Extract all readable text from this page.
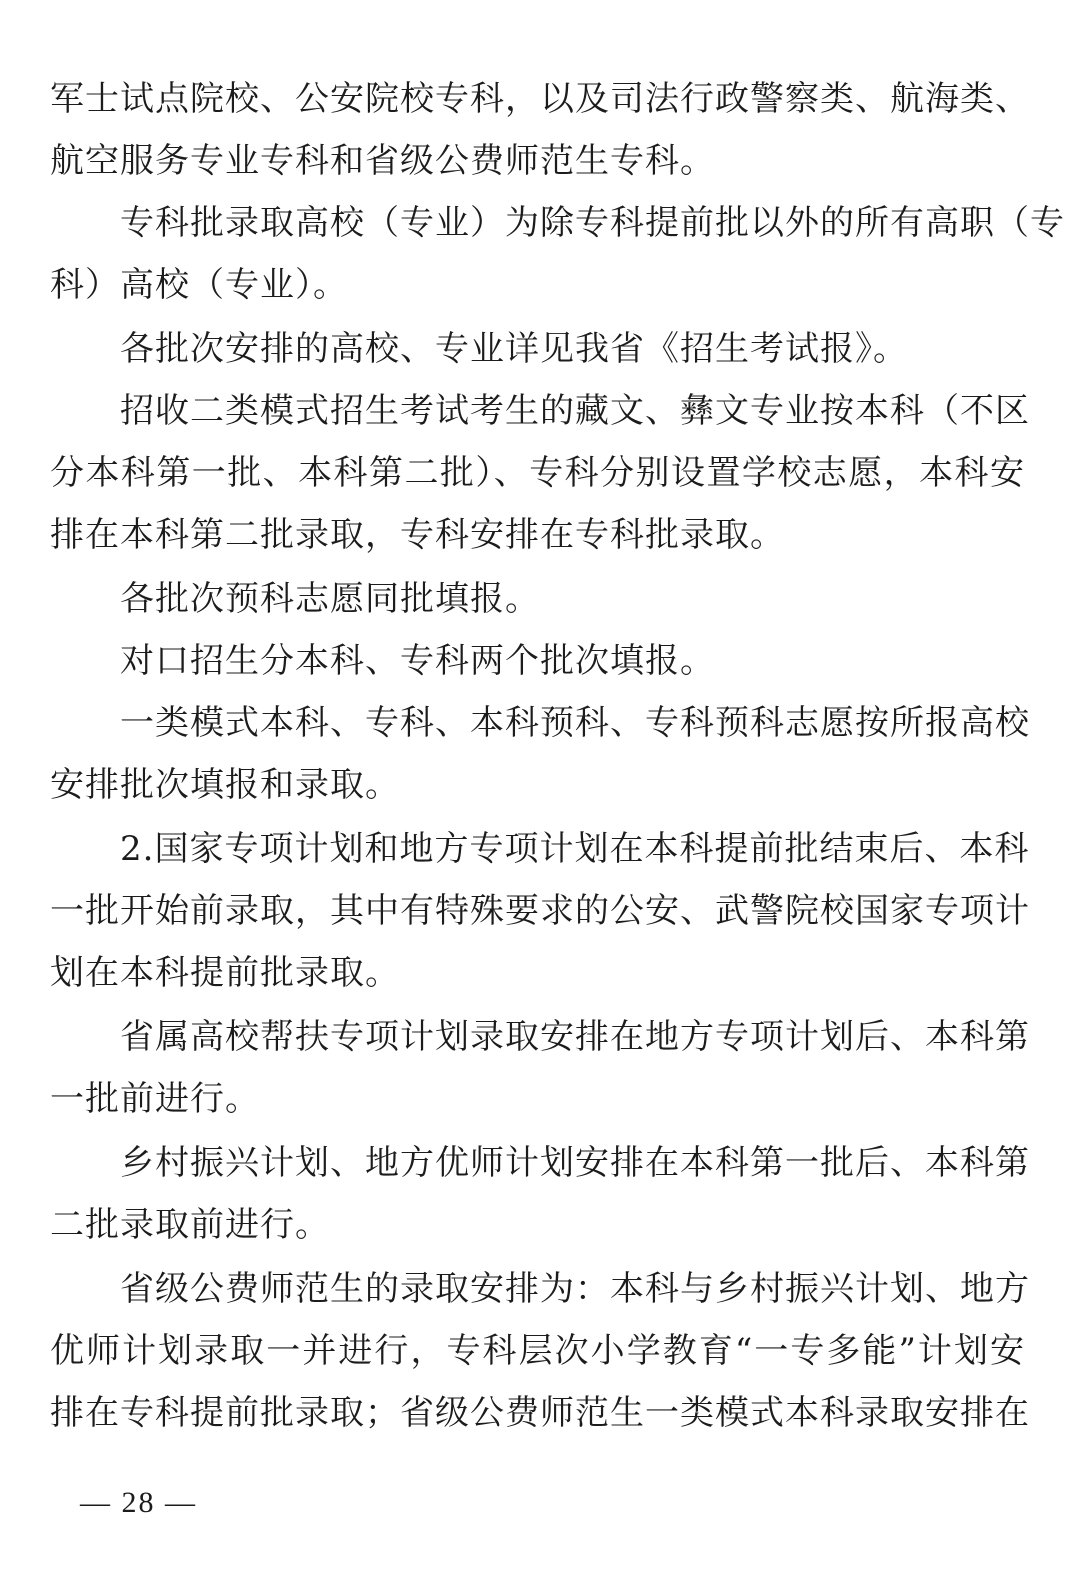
军士试点院校、公安院校专科，以及司法行政警察类、航海类、
航空服务专业专科和省级公费师范生专科。
专科批录取高校（专业）为除专科提前批以外的所有高职（专
科）高校（专业）。
各批次安排的高校、专业详见我省《招生考试报》。
招收二类模式招生考试考生的藏文、彝文专业按本科（不区
分本科第一批、本科第二批）、专科分别设置学校志愿，本科安
排在本科第二批录取，专科安排在专科批录取。
各批次预科志愿同批填报。
对口招生分本科、专科两个批次填报。
一类模式本科、专科、本科预科、专科预科志愿按所报高校
安排批次填报和录取。
2.国家专项计划和地方专项计划在本科提前批结束后、本科
一批开始前录取，其中有特殊要求的公安、武警院校国家专项计
划在本科提前批录取。
省属高校帮扶专项计划录取安排在地方专项计划后、本科第
一批前进行。
乡村振兴计划、地方优师计划安排在本科第一批后、本科第
二批录取前进行。
省级公费师范生的录取安排为：本科与乡村振兴计划、地方
优师计划录取一并进行，专科层次小学教育“一专多能”计划安
排在专科提前批录取；省级公费师范生一类模式本科录取安排在
— 28 —
